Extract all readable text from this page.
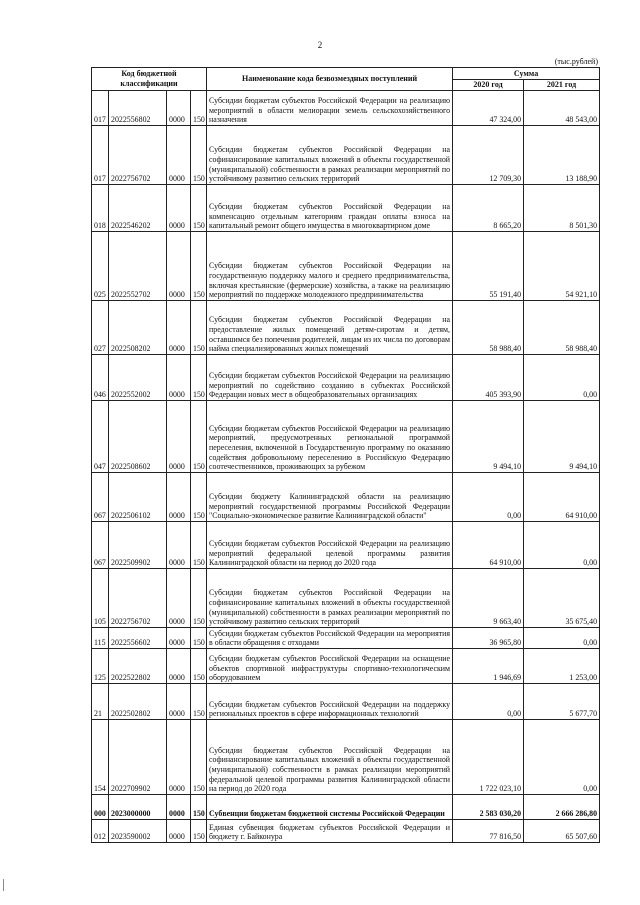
2
(тыс.рублей)
Код бюджетной классификации				Наименование кода безвозмездных поступлений	Сумма	
					2020 год	2021 год
017	2022556802	0000	150	Субсидии бюджетам субъектов Российской Федерации на реализацию мероприятий в области мелиорации земель сельскохозяйственного назначения	47 324,00	48 543,00
017	2022756702	0000	150	Субсидии бюджетам субъектов Российской Федерации на софинансирование капитальных вложений в объекты государственной (муниципальной) собственности в рамках реализации мероприятий по устойчивому развитию сельских территорий	12 709,30	13 188,90
018	2022546202	0000	150	Субсидии бюджетам субъектов Российской Федерации на компенсацию отдельным категориям граждан оплаты взноса на капитальный ремонт общего имущества в многоквартирном доме	8 665,20	8 501,30
025	2022552702	0000	150	Субсидии бюджетам субъектов Российской Федерации на государственную поддержку малого и среднего предпринимательства, включая крестьянские (фермерские) хозяйства, а также на реализацию мероприятий по поддержке молодежного предпринимательства	55 191,40	54 921,10
027	2022508202	0000	150	Субсидии бюджетам субъектов Российской Федерации на предоставление жилых помещений детям-сиротам и детям, оставшимся без попечения родителей, лицам из их числа по договорам найма специализированных жилых помещений	58 988,40	58 988,40
046	2022552002	0000	150	Субсидии бюджетам субъектов Российской Федерации на реализацию мероприятий по содействию созданию в субъектах Российской Федерации новых мест в общеобразовательных организациях	405 393,90	0,00
047	2022508602	0000	150	Субсидии бюджетам субъектов Российской Федерации на реализацию мероприятий, предусмотренных региональной программой переселения, включенной в Государственную программу по оказанию содействия добровольному переселению в Российскую Федерацию соотечественников, проживающих за рубежом	9 494,10	9 494,10
067	2022506102	0000	150	Субсидии бюджету Калининградской области на реализацию мероприятий государственной программы Российской Федерации "Социально-экономическое развитие Калининградской области"	0,00	64 910,00
067	2022509902	0000	150	Субсидии бюджетам субъектов Российской Федерации на реализацию мероприятий федеральной целевой программы развития Калининградской области на период до 2020 года	64 910,00	0,00
105	2022756702	0000	150	Субсидии бюджетам субъектов Российской Федерации на софинансирование капитальных вложений в объекты государственной (муниципальной) собственности в рамках реализации мероприятий по устойчивому развитию сельских территорий	9 663,40	35 675,40
115	2022556602	0000	150	Субсидии бюджетам субъектов Российской Федерации на мероприятия в области обращения с отходами	36 965,80	0,00
125	2022522802	0000	150	Субсидии бюджетам субъектов Российской Федерации на оснащение объектов спортивной инфраструктуры спортивно-технологическим оборудованием	1 946,69	1 253,00
21	2022502802	0000	150	Субсидии бюджетам субъектов Российской Федерации на поддержку региональных проектов в сфере информационных технологий	0,00	5 677,70
154	2022709902	0000	150	Субсидии бюджетам субъектов Российской Федерации на софинансирование капитальных вложений в объекты государственной (муниципальной) собственности в рамках реализации мероприятий федеральной целевой программы развития Калининградской области на период до 2020 года	1 722 023,10	0,00
000	2023000000	0000	150	Субвенции бюджетам бюджетной системы Российской Федерации	2 583 030,20	2 666 286,80
012	2023590002	0000	150	Единая субвенция бюджетам субъектов Российской Федерации и бюджету г. Байконура	77 816,50	65 507,60
